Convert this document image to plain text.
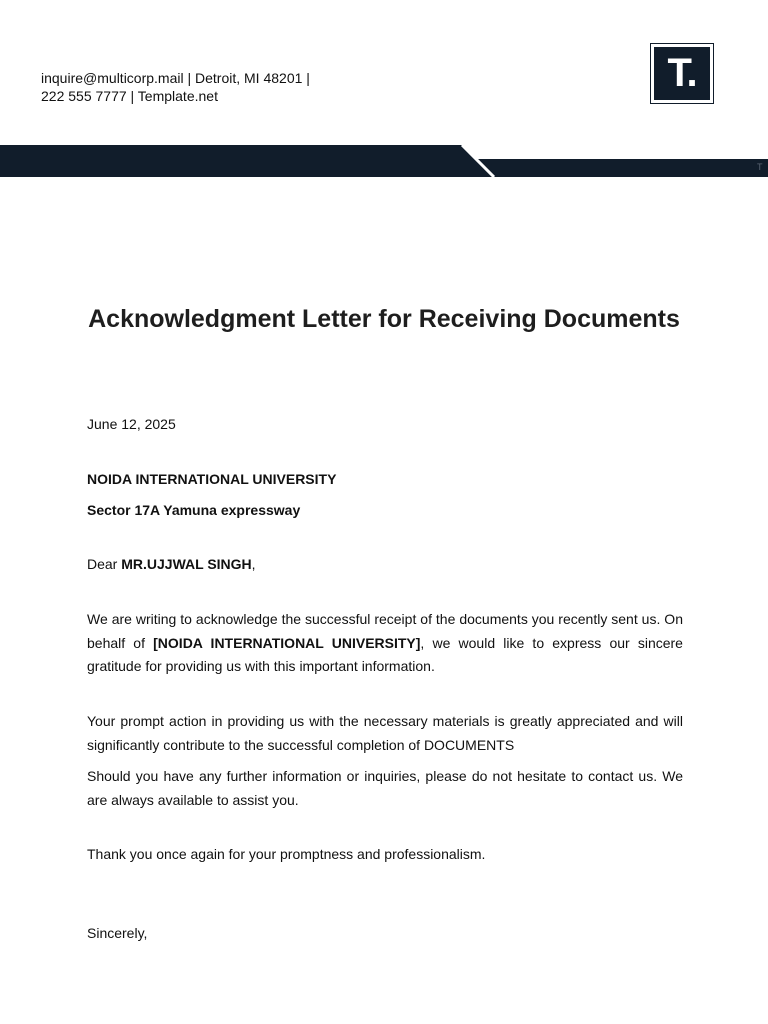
inquire@multicorp.mail | Detroit, MI 48201 |
222 555 7777 | Template.net
T.
T
Acknowledgment Letter for Receiving Documents
June 12, 2025
NOIDA INTERNATIONAL UNIVERSITY
Sector 17A Yamuna expressway
Dear MR.UJJWAL SINGH,
We are writing to acknowledge the successful receipt of the documents you recently sent us. On behalf of [NOIDA INTERNATIONAL UNIVERSITY], we would like to express our sincere gratitude for providing us with this important information.
Your prompt action in providing us with the necessary materials is greatly appreciated and will significantly contribute to the successful completion of DOCUMENTS
Should you have any further information or inquiries, please do not hesitate to contact us. We are always available to assist you.
Thank you once again for your promptness and professionalism.
Sincerely,
